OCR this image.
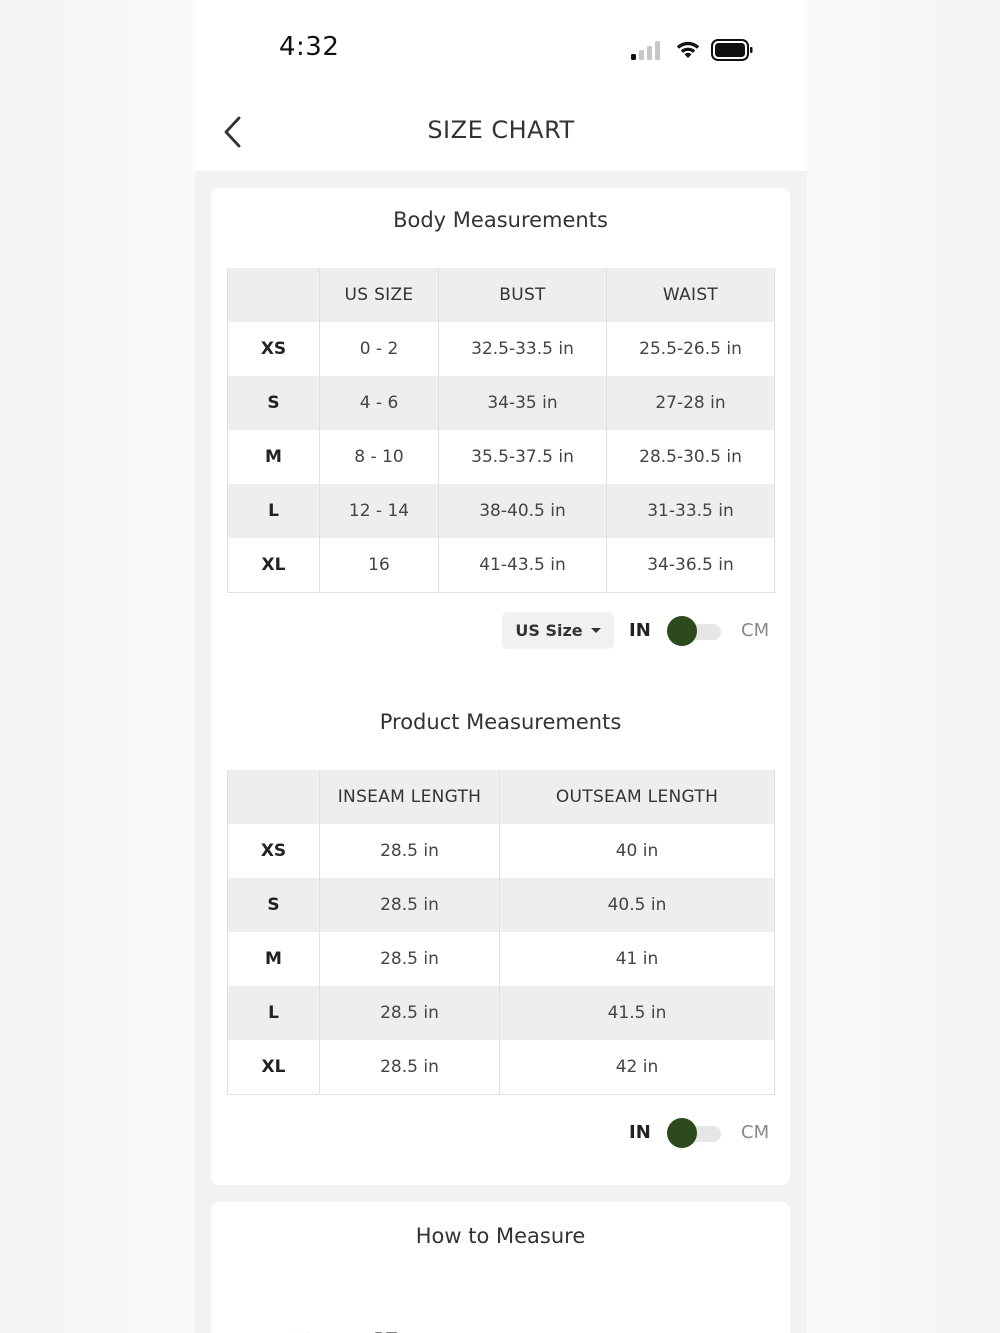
4:32
SIZE CHART
Body Measurements
	US SIZE	BUST	WAIST
XS	0 - 2	32.5-33.5 in	25.5-26.5 in
S	4 - 6	34-35 in	27-28 in
M	8 - 10	35.5-37.5 in	28.5-30.5 in
L	12 - 14	38-40.5 in	31-33.5 in
XL	16	41-43.5 in	34-36.5 in
US Size	IN	CM
Product Measurements
	INSEAM LENGTH	OUTSEAM LENGTH
XS	28.5 in	40 in
S	28.5 in	40.5 in
M	28.5 in	41 in
L	28.5 in	41.5 in
XL	28.5 in	42 in
IN	CM
How to Measure
